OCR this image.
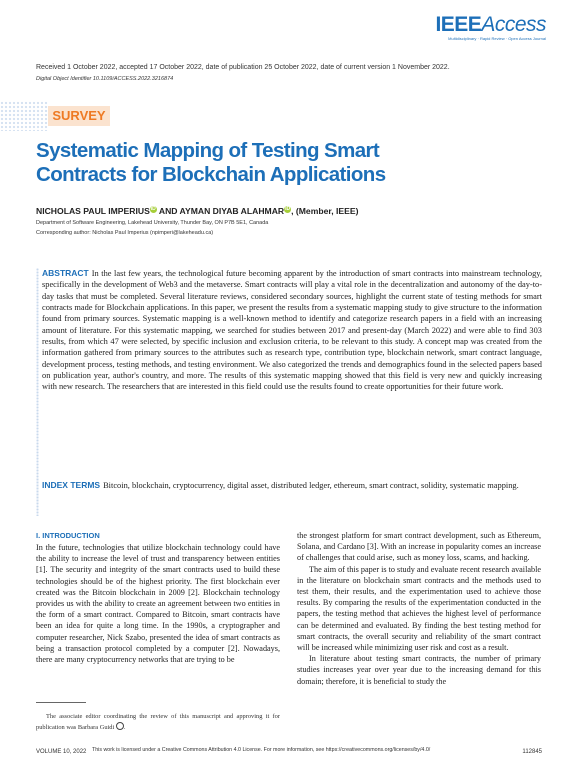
IEEEAccess
Multidisciplinary · Rapid Review · Open Access Journal
Received 1 October 2022, accepted 17 October 2022, date of publication 25 October 2022, date of current version 1 November 2022.
Digital Object Identifier 10.1109/ACCESS.2022.3216874
SURVEY
Systematic Mapping of Testing Smart Contracts for Blockchain Applications
NICHOLAS PAUL IMPERIUSiD AND AYMAN DIYAB ALAHMARiD, (Member, IEEE)
Department of Software Engineering, Lakehead University, Thunder Bay, ON P7B 5E1, Canada
Corresponding author: Nicholas Paul Imperius (npimperi@lakeheadu.ca)
ABSTRACT In the last few years, the technological future becoming apparent by the introduction of smart contracts into mainstream technology, specifically in the development of Web3 and the metaverse. Smart contracts will play a vital role in the decentralization and autonomy of the day-to-day tasks that must be completed. Several literature reviews, considered secondary sources, highlight the current state of testing methods for smart contracts made for Blockchain applications. In this paper, we present the results from a systematic mapping study to give structure to the information found from primary sources. Systematic mapping is a well-known method to identify and categorize research papers in a field with an increasing amount of literature. For this systematic mapping, we searched for studies between 2017 and present-day (March 2022) and were able to find 303 results, from which 47 were selected, by specific inclusion and exclusion criteria, to be relevant to this study. A concept map was created from the information gathered from primary sources to the attributes such as research type, contribution type, blockchain network, smart contract language, development process, testing methods, and testing environment. We also categorized the trends and demographics found in the selected papers based on publication year, author's country, and more. The results of this systematic mapping showed that this field is very new and quickly increasing with new research. The researchers that are interested in this field could use the results found to create opportunities for their future work.
INDEX TERMS Bitcoin, blockchain, cryptocurrency, digital asset, distributed ledger, ethereum, smart contract, solidity, systematic mapping.
I. INTRODUCTION

In the future, technologies that utilize blockchain technology could have the ability to increase the level of trust and transparency between entities [1]. The security and integrity of the smart contracts used to build these technologies should be of the highest priority. The first blockchain ever created was the Bitcoin blockchain in 2009 [2]. Blockchain technology provides us with the ability to create an agreement between two entities in the form of a smart contract. Compared to Bitcoin, smart contracts have been an idea for quite a long time. In the 1990s, a cryptographer and computer researcher, Nick Szabo, presented the idea of smart contracts as being a transaction protocol completed by a computer [2]. Nowadays, there are many cryptocurrency networks that are trying to be

the strongest platform for smart contract development, such as Ethereum, Solana, and Cardano [3]. With an increase in popularity comes an increase of challenges that could arise, such as money loss, scams, and hacking.

The aim of this paper is to study and evaluate recent research available in the literature on blockchain smart contracts and the methods used to test them, their results, and the experimentation used to achieve those results. By comparing the results of the experimentation conducted in the papers, the testing method that achieves the highest level of performance can be determined and evaluated. By finding the best testing method for smart contracts, the overall security and reliability of the smart contract will be increased while minimizing user risk and cost as a result.

In literature about testing smart contracts, the number of primary studies increases year over year due to the increasing demand for this domain; therefore, it is beneficial to study the

The associate editor coordinating the review of this manuscript and approving it for publication was Barbara Guidi .
VOLUME 10, 2022 This work is licensed under a Creative Commons Attribution 4.0 License. For more information, see https://creativecommons.org/licenses/by/4.0/	112845
